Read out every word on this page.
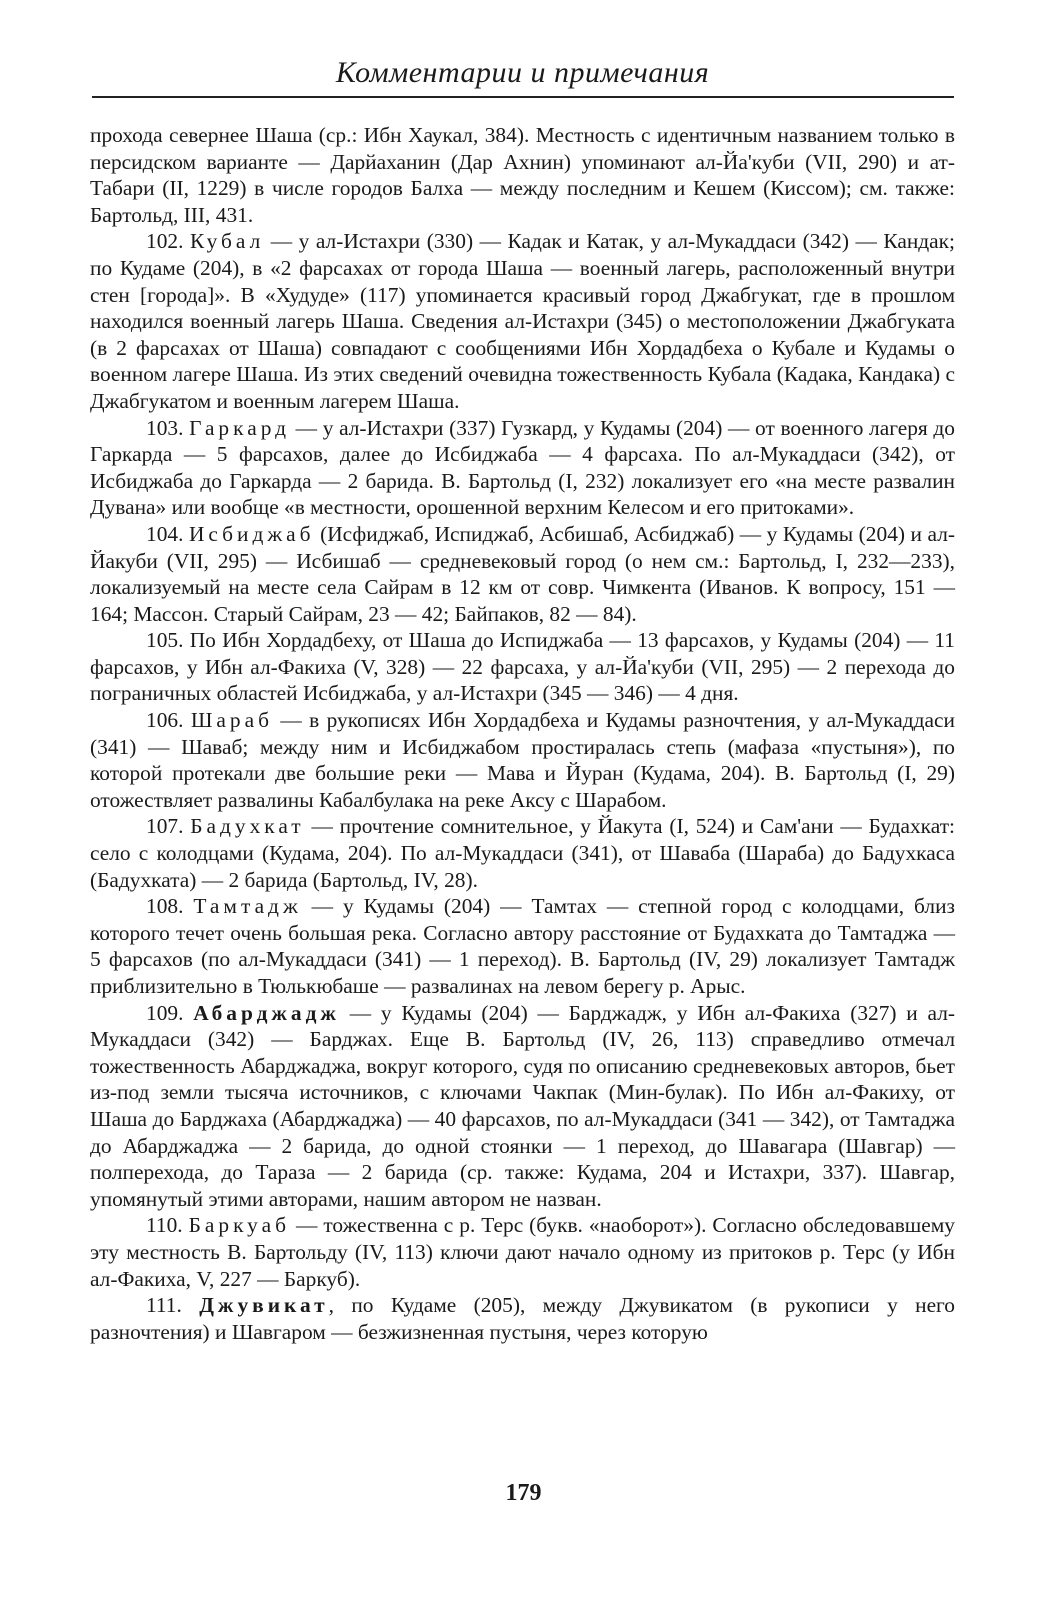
Комментарии и примечания

прохода севернее Шаша (ср.: Ибн Хаукал, 384). Местность с идентичным названием только в персидском варианте — Дарйаханин (Дар Ахнин) упоминают ал-Йа'куби (VII, 290) и ат-Табари (II, 1229) в числе городов Балха — между последним и Кешем (Киссом); см. также: Бартольд, III, 431.

102. Кубал — у ал-Истахри (330) — Кадак и Катак, у ал-Мукаддаси (342) — Кандак; по Кудаме (204), в «2 фарсахах от города Шаша — военный лагерь, расположенный внутри стен [города]». В «Худуде» (117) упоминается красивый город Джабгукат, где в прошлом находился военный лагерь Шаша. Сведения ал-Истахри (345) о местоположении Джабгуката (в 2 фарсахах от Шаша) совпадают с сообщениями Ибн Хордадбеха о Кубале и Кудамы о военном лагере Шаша. Из этих сведений очевидна тожественность Кубала (Кадака, Кандака) с Джабгукатом и военным лагерем Шаша.

103. Гаркард — у ал-Истахри (337) Гузкард, у Кудамы (204) — от военного лагеря до Гаркарда — 5 фарсахов, далее до Исбиджаба — 4 фарсаха. По ал-Мукаддаси (342), от Исбиджаба до Гаркарда — 2 барида. В. Бартольд (I, 232) локализует его «на месте развалин Дувана» или вообще «в местности, орошенной верхним Келесом и его притоками».

104. Исбиджаб (Исфиджаб, Испиджаб, Асбишаб, Асбиджаб) — у Кудамы (204) и ал-Йакуби (VII, 295) — Исбишаб — средневековый город (о нем см.: Бартольд, I, 232—233), локализуемый на месте села Сайрам в 12 км от совр. Чимкента (Иванов. К вопросу, 151 — 164; Массон. Старый Сайрам, 23 — 42; Байпаков, 82 — 84).

105. По Ибн Хордадбеху, от Шаша до Испиджаба — 13 фарсахов, у Кудамы (204) — 11 фарсахов, у Ибн ал-Факиха (V, 328) — 22 фарсаха, у ал-Йа'куби (VII, 295) — 2 перехода до пограничных областей Исбиджаба, у ал-Истахри (345 — 346) — 4 дня.

106. Шараб — в рукописях Ибн Хордадбеха и Кудамы разночтения, у ал-Мукаддаси (341) — Шаваб; между ним и Исбиджабом простиралась степь (мафаза «пустыня»), по которой протекали две большие реки — Мава и Йуран (Кудама, 204). В. Бартольд (I, 29) отожествляет развалины Кабалбулака на реке Аксу с Шарабом.

107. Бадухкат — прочтение сомнительное, у Йакута (I, 524) и Сам'ани — Будахкат: село с колодцами (Кудама, 204). По ал-Мукаддаси (341), от Шаваба (Шараба) до Бадухкаса (Бадухката) — 2 барида (Бартольд, IV, 28).

108. Тамтадж — у Кудамы (204) — Тамтах — степной город с колодцами, близ которого течет очень большая река. Согласно автору расстояние от Будахката до Тамтаджа — 5 фарсахов (по ал-Мукаддаси (341) — 1 переход). В. Бартольд (IV, 29) локализует Тамтадж приблизительно в Тюлькюбаше — развалинах на левом берегу р. Арыс.

109. Абарджадж — у Кудамы (204) — Барджадж, у Ибн ал-Факиха (327) и ал-Мукаддаси (342) — Барджах. Еще В. Бартольд (IV, 26, 113) справедливо отмечал тожественность Абарджаджа, вокруг которого, судя по описанию средневековых авторов, бьет из-под земли тысяча источников, с ключами Чакпак (Мин-булак). По Ибн ал-Факиху, от Шаша до Барджаха (Абарджаджа) — 40 фарсахов, по ал-Мукаддаси (341 — 342), от Тамтаджа до Абарджаджа — 2 барида, до одной стоянки — 1 переход, до Шавагара (Шавгар) — полперехода, до Тараза — 2 барида (ср. также: Кудама, 204 и Истахри, 337). Шавгар, упомянутый этими авторами, нашим автором не назван.

110. Баркуаб — тожественна с р. Терс (букв. «наоборот»). Согласно обследовавшему эту местность В. Бартольду (IV, 113) ключи дают начало одному из притоков р. Терс (у Ибн ал-Факиха, V, 227 — Баркуб).

111. Джувикат, по Кудаме (205), между Джувикатом (в рукописи у него разночтения) и Шавгаром — безжизненная пустыня, через которую

179
